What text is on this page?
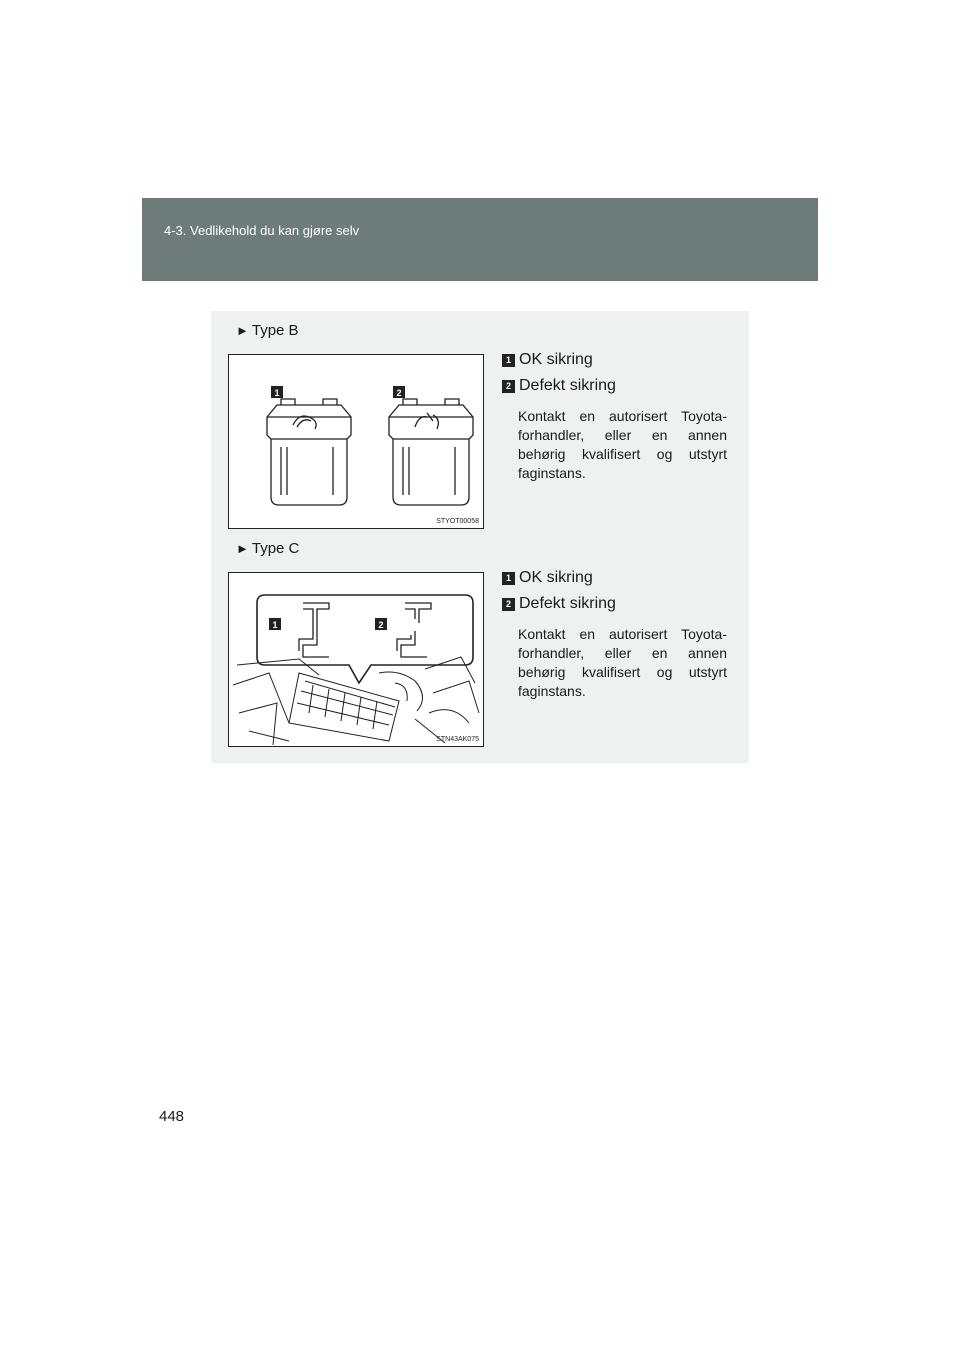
4-3. Vedlikehold du kan gjøre selv
► Type B
1	2
STYOT00058
1 OK sikring
2 Defekt sikring
Kontakt en autorisert Toyota-forhandler, eller en annen behørig kvalifisert og utstyrt faginstans.
► Type C
1	2
STN43AK075
1 OK sikring
2 Defekt sikring
Kontakt en autorisert Toyota-forhandler, eller en annen behørig kvalifisert og utstyrt faginstans.
448
